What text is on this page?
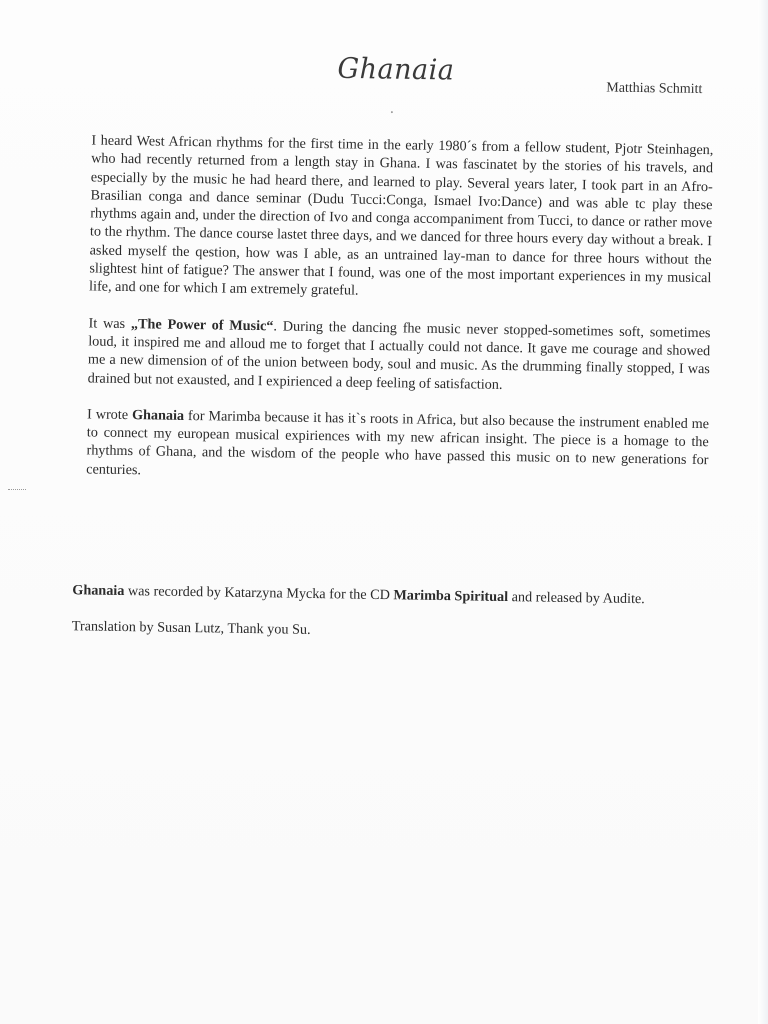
Ghanaia
Matthias Schmitt

I heard West African rhythms for the first time in the early 1980´s from a fellow student, Pjotr Steinhagen, who had recently returned from a length stay in Ghana. I was fascinatet by the stories of his travels, and especially by the music he had heard there, and learned to play. Several years later, I took part in an Afro-Brasilian conga and dance seminar (Dudu Tucci:Conga, Ismael Ivo:Dance) and was able tc play these rhythms again and, under the direction of Ivo and conga accompaniment from Tucci, to dance or rather move to the rhythm. The dance course lastet three days, and we danced for three hours every day without a break. I asked myself the qestion, how was I able, as an untrained lay-man to dance for three hours without the slightest hint of fatigue? The answer that I found, was one of the most important experiences in my musical life, and one for which I am extremely grateful.

It was „The Power of Music“. During the dancing fhe music never stopped-sometimes soft, sometimes loud, it inspired me and alloud me to forget that I actually could not dance. It gave me courage and showed me a new dimension of of the union between body, soul and music. As the drumming finally stopped, I was drained but not exausted, and I expirienced a deep feeling of satisfaction.

I wrote Ghanaia for Marimba because it has it`s roots in Africa, but also because the instrument enabled me to connect my european musical expiriences with my new african insight. The piece is a homage to the rhythms of Ghana, and the wisdom of the people who have passed this music on to new generations for centuries.

Ghanaia was recorded by Katarzyna Mycka for the CD Marimba Spiritual and released by Audite.

Translation by Susan Lutz, Thank you Su.
